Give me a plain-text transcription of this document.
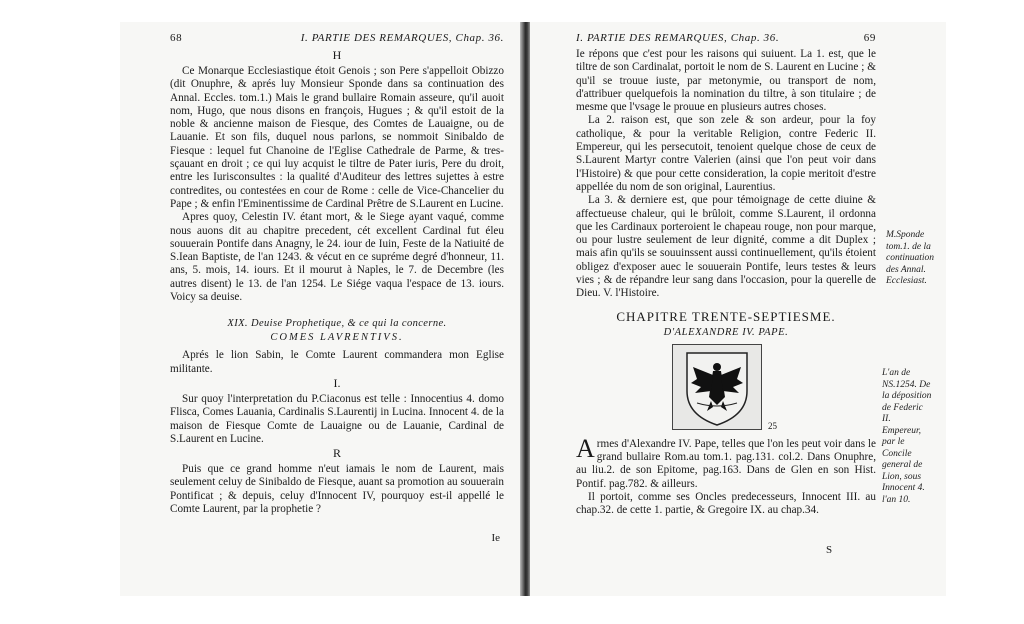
68	I. PARTIE DES REMARQUES, Chap. 36.
H

Ce Monarque Ecclesiastique étoit Genois ; son Pere s'appelloit Obizzo (dit Onuphre, & aprés luy Monsieur Sponde dans sa continuation des Annal. Eccles. tom.1.) Mais le grand bullaire Romain asseure, qu'il auoit nom, Hugo, que nous disons en françois, Hugues ; & qu'il estoit de la noble & ancienne maison de Fiesque, des Comtes de Lauaigne, ou de Lauanie. Et son fils, duquel nous parlons, se nommoit Sinibaldo de Fiesque : lequel fut Chanoine de l'Eglise Cathedrale de Parme, & tres-sçauant en droit ; ce qui luy acquist le tiltre de Pater iuris, Pere du droit, entre les Iurisconsultes : la qualité d'Auditeur des lettres sujettes à estre contredites, ou contestées en cour de Rome : celle de Vice-Chancelier du Pape ; & enfin l'Eminentissime de Cardinal Prêtre de S.Laurent en Lucine.

Apres quoy, Celestin IV. étant mort, & le Siege ayant vaqué, comme nous auons dit au chapitre precedent, cét excellent Cardinal fut éleu souuerain Pontife dans Anagny, le 24. iour de Iuin, Feste de la Natiuité de S.Iean Baptiste, de l'an 1243. & vécut en ce supréme degré d'honneur, 11. ans, 5. mois, 14. iours. Et il mourut à Naples, le 7. de Decembre (les autres disent) le 13. de l'an 1254. Le Siége vaqua l'espace de 13. iours. Voicy sa deuise.

XIX. Deuise Prophetique, & ce qui la concerne.
COMES LAVRENTIVS.

Aprés le lion Sabin, le Comte Laurent commandera mon Eglise militante.

I.

Sur quoy l'interpretation du P.Ciaconus est telle : Innocentius 4. domo Flisca, Comes Lauania, Cardinalis S.Laurentij in Lucina. Innocent 4. de la maison de Fiesque Comte de Lauaigne ou de Lauanie, Cardinal de S.Laurent en Lucine.

R

Puis que ce grand homme n'eut iamais le nom de Laurent, mais seulement celuy de Sinibaldo de Fiesque, auant sa promotion au souuerain Pontificat ; & depuis, celuy d'Innocent IV, pourquoy est-il appellé le Comte Laurent, par la prophetie ?

Ie
I. PARTIE DES REMARQUES, Chap. 36.	69

Ie répons que c'est pour les raisons qui suiuent. La 1. est, que le tiltre de son Cardinalat, portoit le nom de S. Laurent en Lucine ; & qu'il se trouue iuste, par metonymie, ou transport de nom, d'attribuer quelquefois la nomination du tiltre, à son titulaire ; de mesme que l'vsage le prouue en plusieurs autres choses.

La 2. raison est, que son zele & son ardeur, pour la foy catholique, & pour la veritable Religion, contre Federic II. Empereur, qui les persecutoit, tenoient quelque chose de ceux de S.Laurent Martyr contre Valerien (ainsi que l'on peut voir dans l'Histoire) & que pour cette consideration, la copie meritoit d'estre appellée du nom de son original, Laurentius.

La 3. & derniere est, que pour témoignage de cette diuine & affectueuse chaleur, qui le brûloit, comme S.Laurent, il ordonna que les Cardinaux porteroient le chapeau rouge, non pour marque, ou pour lustre seulement de leur dignité, comme a dit Duplex ; mais afin qu'ils se souuinssent aussi continuellement, qu'ils étoient obligez d'exposer auec le souuerain Pontife, leurs testes & leurs vies ; & de répandre leur sang dans l'occasion, pour la querelle de Dieu. V. l'Histoire.

CHAPITRE TRENTE-SEPTIESME.
D'ALEXANDRE IV. PAPE.
25

Armes d'Alexandre IV. Pape, telles que l'on les peut voir dans le grand bullaire Rom.au tom.1. pag.131. col.2. Dans Onuphre, au liu.2. de son Epitome, pag.163. Dans de Glen en son Hist. Pontif. pag.782. & ailleurs.

Il portoit, comme ses Oncles predecesseurs, Innocent III. au chap.32. de cette 1. partie, & Gregoire IX. au chap.34.

S
M.Sponde tom.1. de la continuation des Annal. Ecclesiast.
L'an de NS.1254. De la déposition de Federic II. Empereur, par le Concile general de Lion, sous Innocent 4. l'an 10.
